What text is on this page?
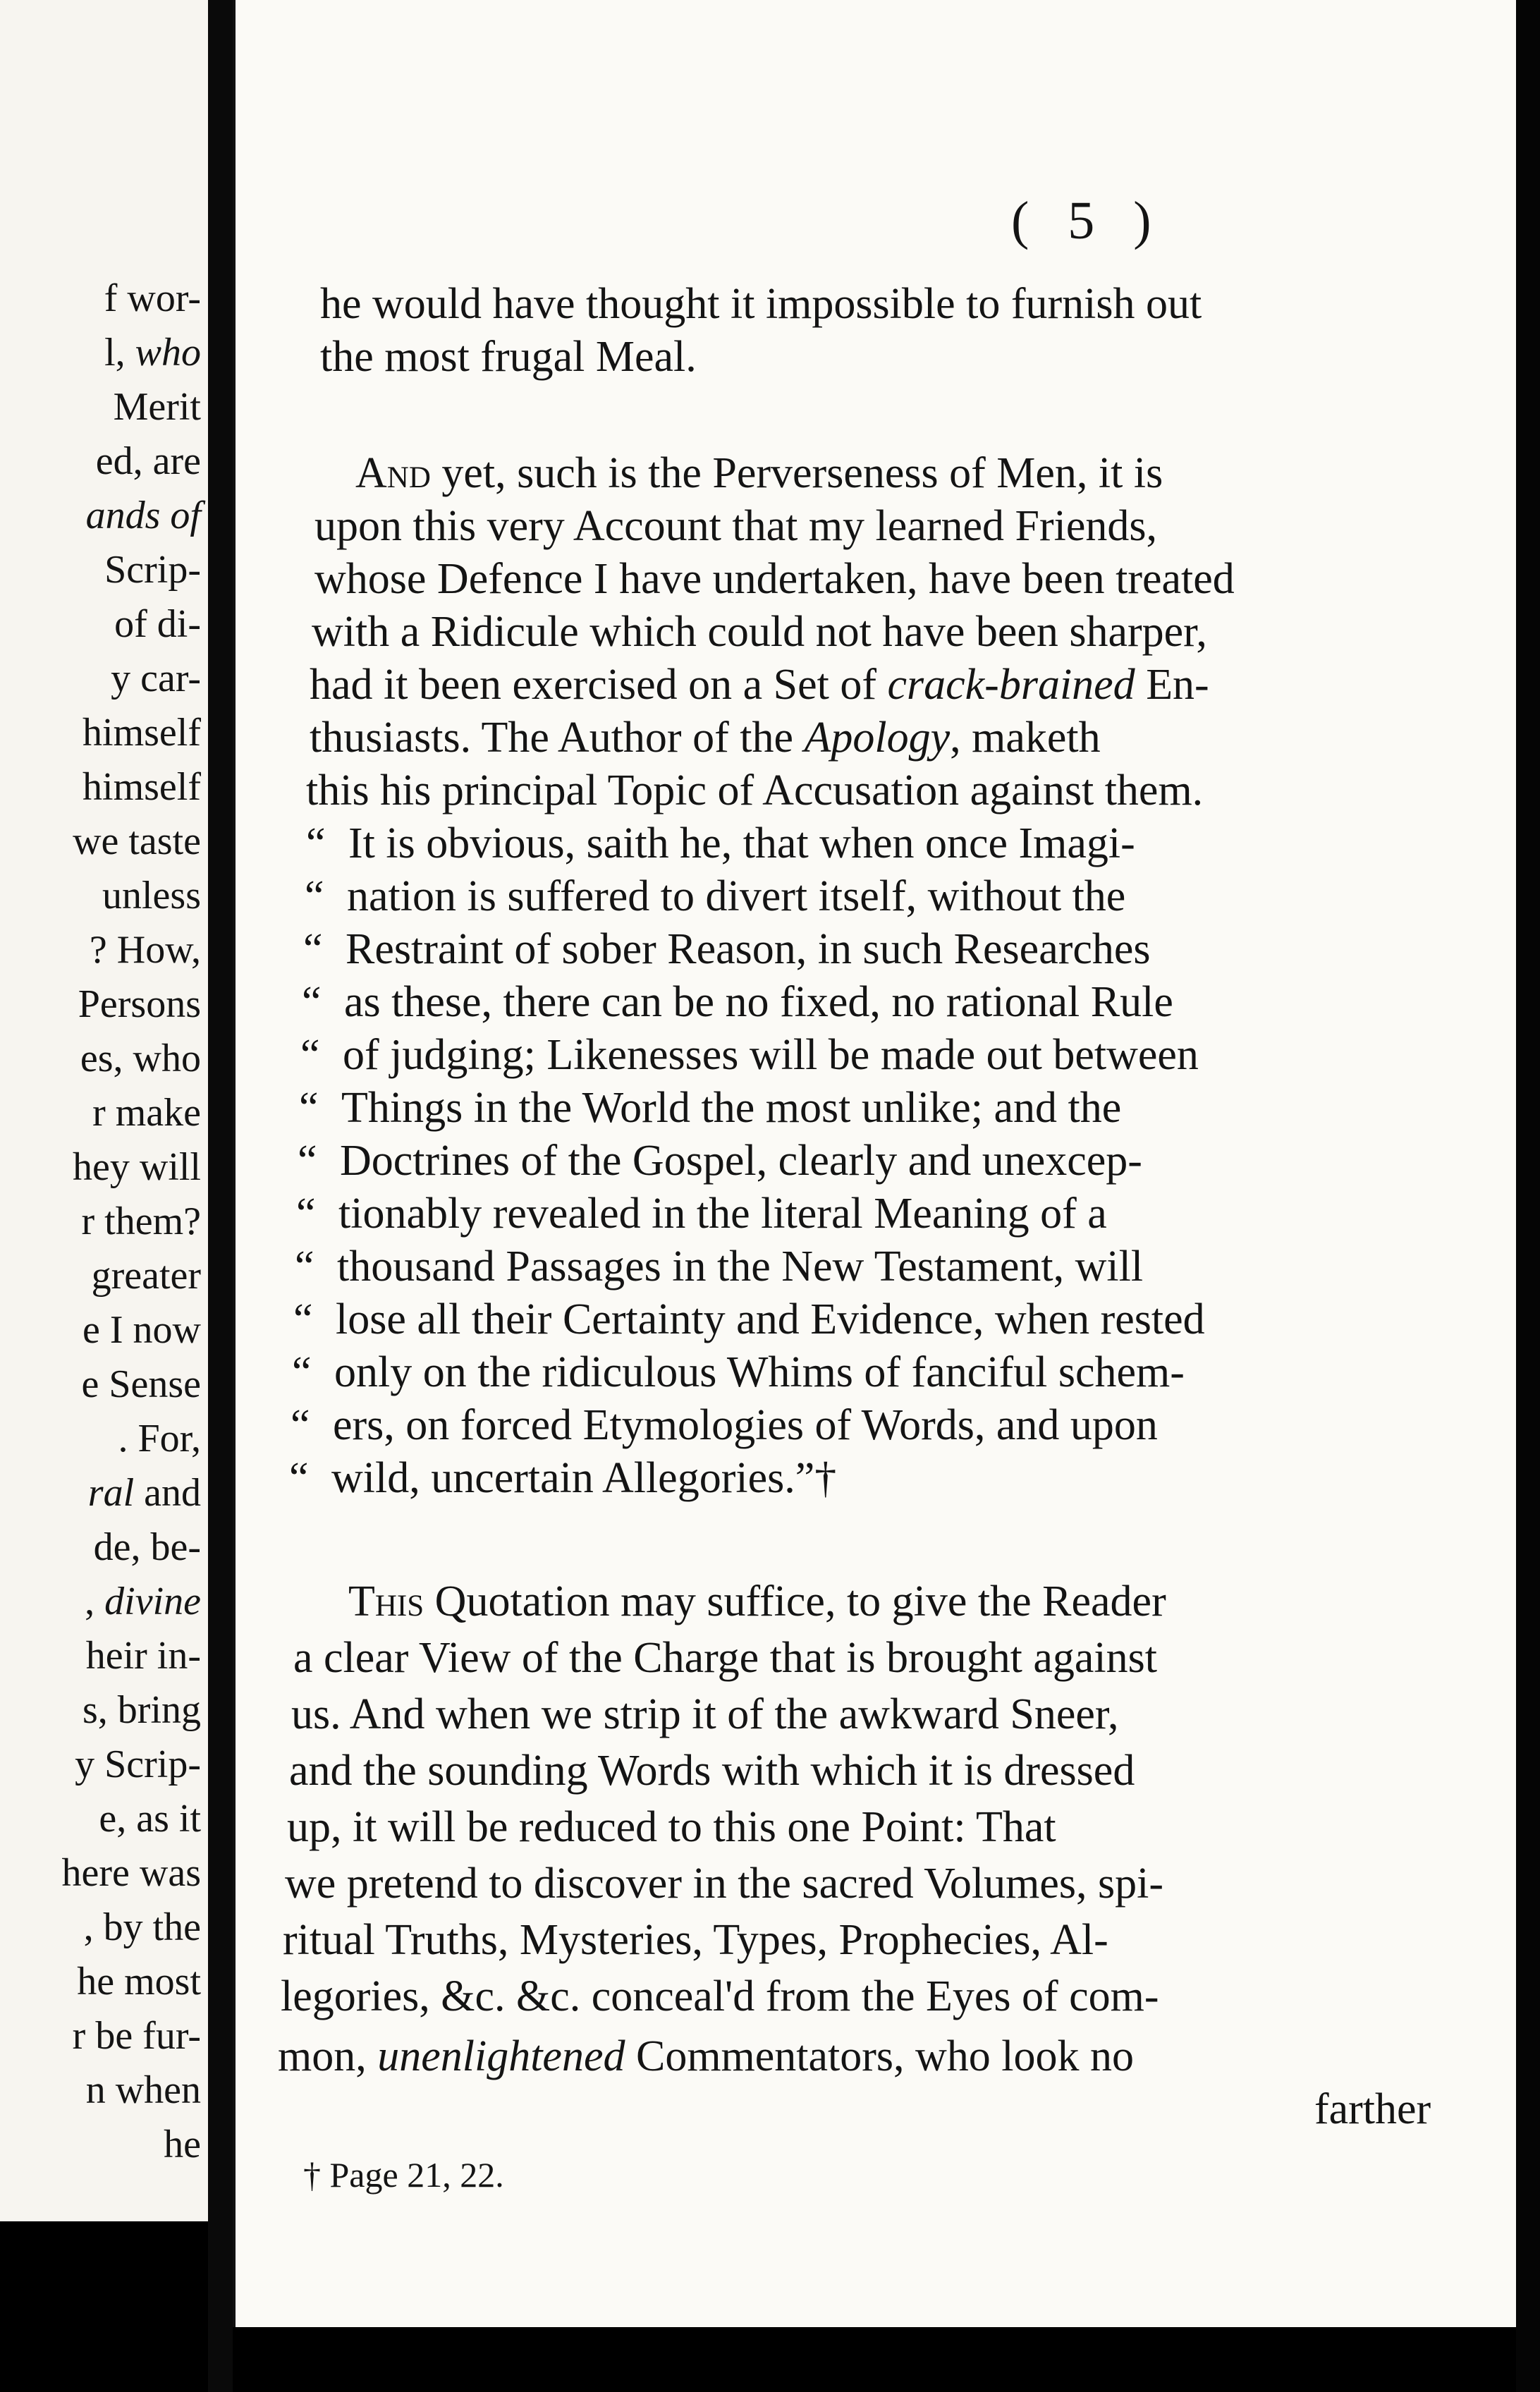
f wor-
l, who
Merit
ed, are
ands of
Scrip-
of di-
y car-
himself
himself
we taste
unless
? How,
Persons
es, who
r make
hey will
r them?
greater
e I now
e Sense
. For,
ral and
de, be-
, divine
heir in-
s, bring
y Scrip-
e, as it
here was
, by the
he most
r be fur-
n when
he
( 5 )
he would have thought it impossible to furnish out
the most frugal Meal.
And yet, such is the Perverseness of Men, it is
upon this very Account that my learned Friends,
whose Defence I have undertaken, have been treated
with a Ridicule which could not have been sharper,
had it been exercised on a Set of crack-brained En-
thusiasts. The Author of the Apology, maketh
this his principal Topic of Accusation against them.
“ It is obvious, saith he, that when once Imagi-
“ nation is suffered to divert itself, without the
“ Restraint of sober Reason, in such Researches
“ as these, there can be no fixed, no rational Rule
“ of judging; Likenesses will be made out between
“ Things in the World the most unlike; and the
“ Doctrines of the Gospel, clearly and unexcep-
“ tionably revealed in the literal Meaning of a
“ thousand Passages in the New Testament, will
“ lose all their Certainty and Evidence, when rested
“ only on the ridiculous Whims of fanciful schem-
“ ers, on forced Etymologies of Words, and upon
“ wild, uncertain Allegories.”†
This Quotation may suffice, to give the Reader
a clear View of the Charge that is brought against
us. And when we strip it of the awkward Sneer,
and the sounding Words with which it is dressed
up, it will be reduced to this one Point: That
we pretend to discover in the sacred Volumes, spi-
ritual Truths, Mysteries, Types, Prophecies, Al-
legories, &c. &c. conceal'd from the Eyes of com-
mon, unenlightened Commentators, who look no
farther
† Page 21, 22.
